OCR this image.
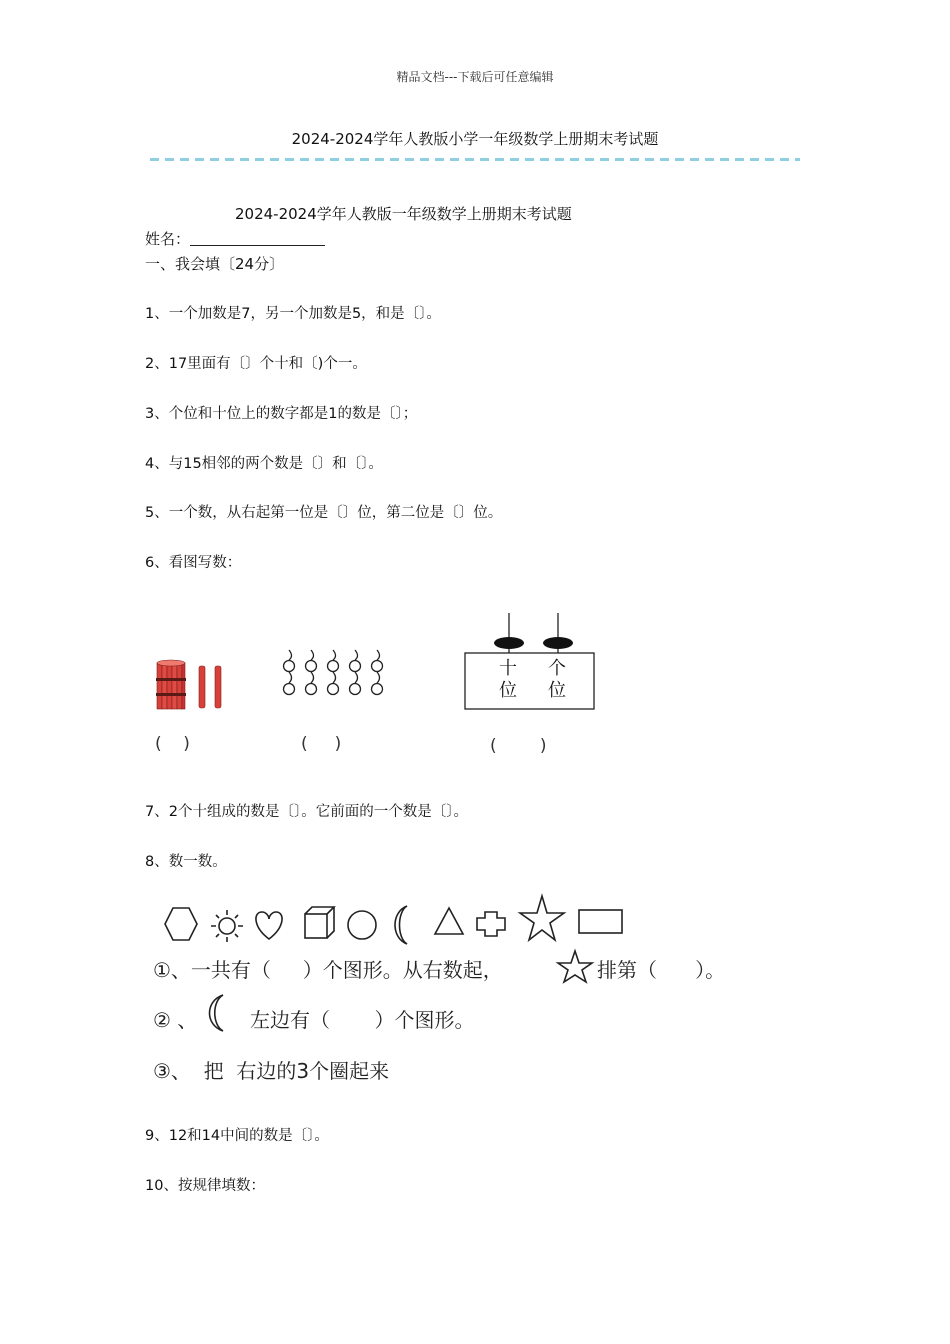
精品文档---下载后可任意编辑
2024-2024学年人教版小学一年级数学上册期末考试题
2024-2024学年人教版一年级数学上册期末考试题
姓名：
一、我会填〔24分〕
1、一个加数是7，另一个加数是5，和是〔〕。
2、17里面有〔〕个十和〔)个一。
3、个位和十位上的数字都是1的数是〔〕；
4、与15相邻的两个数是〔〕和〔〕。
5、一个数，从右起第一位是〔〕位，第二位是〔〕位。
6、看图写数：
十
位
个
位
(    )	(     )	(        )
7、2个十组成的数是〔〕。它前面的一个数是〔〕。
8、数一数。
①、一共有（     ）个图形。从右数起，	排第（      ）。
② 、	左边有（       ）个图形。
③、  把  右边的3个圈起来
9、12和14中间的数是〔〕。
10、按规律填数：
